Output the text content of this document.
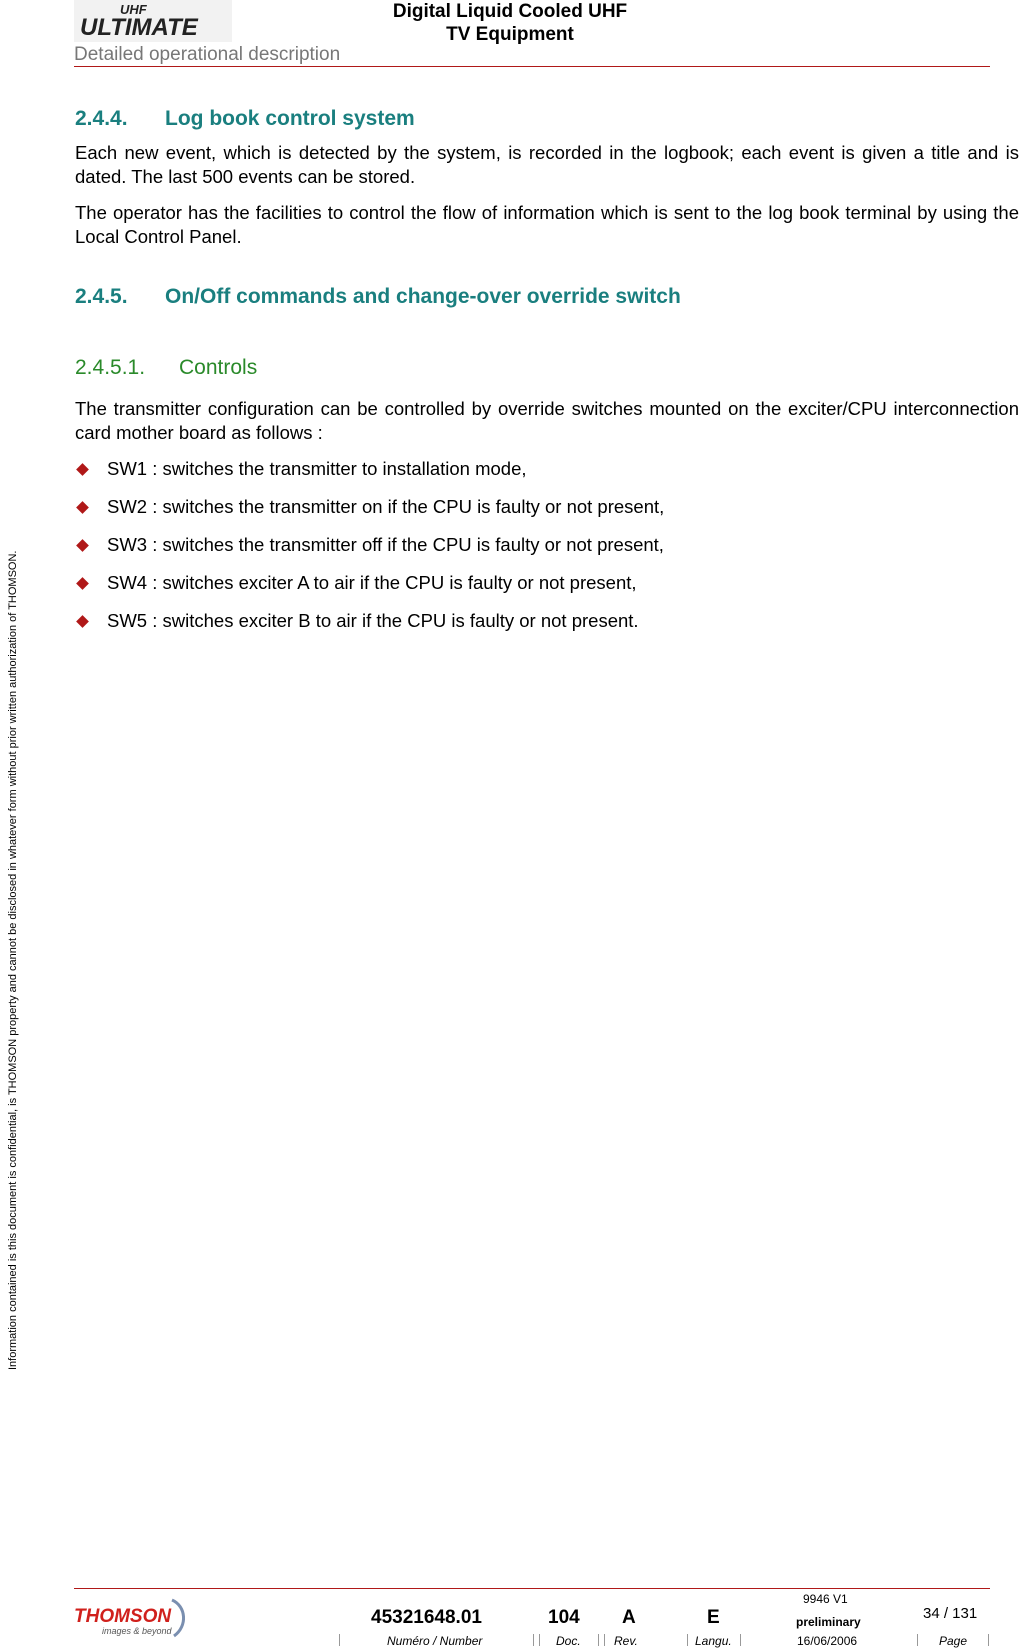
UHF
ULTIMATE
Digital Liquid Cooled UHF
TV Equipment
Detailed operational description
Information contained is this document is confidential, is THOMSON property and cannot be disclosed in whatever form without prior written authorization of THOMSON.
2.4.4.	Log book control system

Each new event, which is detected by the system, is recorded in the logbook; each event is given a title and is dated. The last 500 events can be stored.

The operator has the facilities to control the flow of information which is sent to the log book terminal by using the Local Control Panel.

2.4.5.	On/Off commands and change-over override switch
2.4.5.1.	Controls

The transmitter configuration can be controlled by override switches mounted on the exciter/CPU interconnection card mother board as follows :

SW1 : switches the transmitter to installation mode,
SW2 : switches the transmitter on if the CPU is faulty or not present,
SW3 : switches the transmitter off if the CPU is faulty or not present,
SW4 : switches exciter A to air if the CPU is faulty or not present,
SW5 : switches exciter B to air if the CPU is faulty or not present.
THOMSON
images & beyond
45321648.01	104 A	E
9946 V1
preliminary	34 / 131
Numéro / Number	Doc.	Rev.	Langu.	16/06/2006	Page
